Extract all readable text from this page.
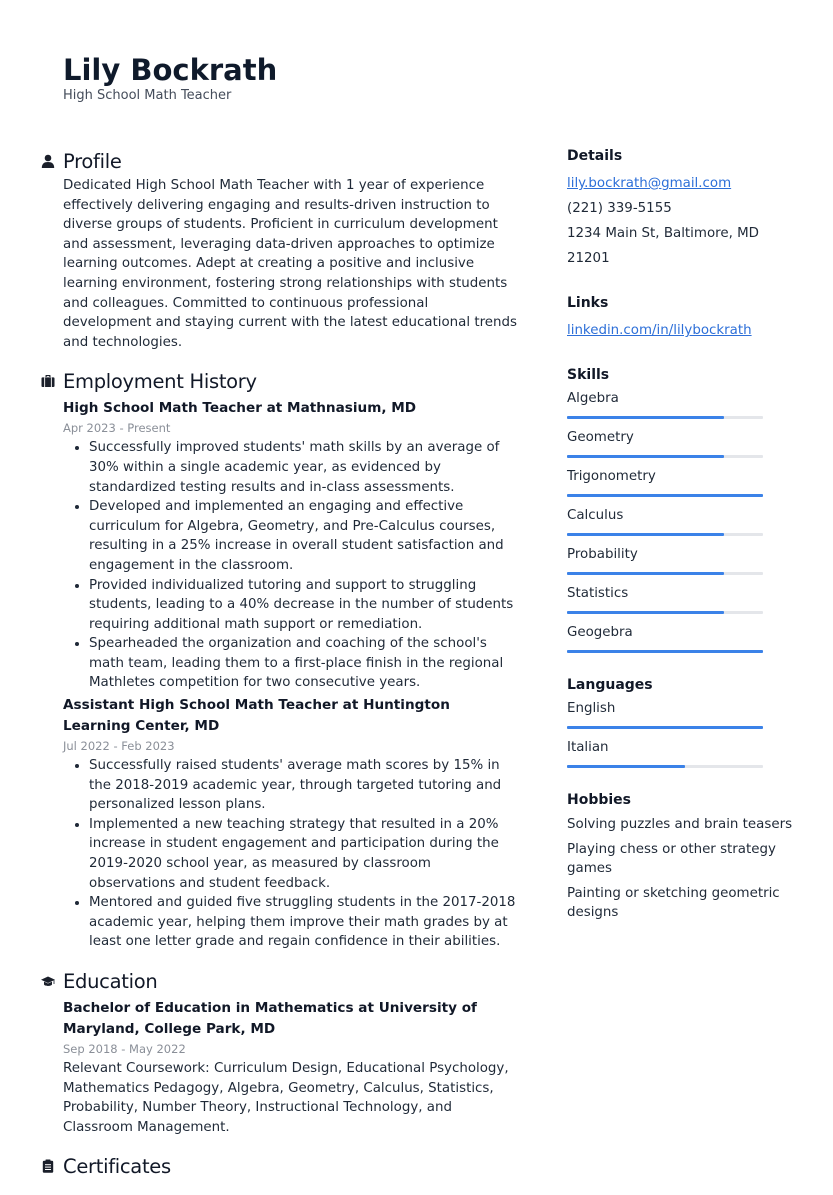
Lily Bockrath

High School Math Teacher

Profile

Dedicated High School Math Teacher with 1 year of experience effectively delivering engaging and results-driven instruction to diverse groups of students. Proficient in curriculum development and assessment, leveraging data-driven approaches to optimize learning outcomes. Adept at creating a positive and inclusive learning environment, fostering strong relationships with students and colleagues. Committed to continuous professional development and staying current with the latest educational trends and technologies.

Employment History
High School Math Teacher at Mathnasium, MD
Apr 2023 - Present
• Successfully improved students' math skills by an average of 30% within a single academic year, as evidenced by standardized testing results and in-class assessments.
• Developed and implemented an engaging and effective curriculum for Algebra, Geometry, and Pre-Calculus courses, resulting in a 25% increase in overall student satisfaction and engagement in the classroom.
• Provided individualized tutoring and support to struggling students, leading to a 40% decrease in the number of students requiring additional math support or remediation.
• Spearheaded the organization and coaching of the school's math team, leading them to a first-place finish in the regional Mathletes competition for two consecutive years.
Assistant High School Math Teacher at Huntington Learning Center, MD
Jul 2022 - Feb 2023
• Successfully raised students' average math scores by 15% in the 2018-2019 academic year, through targeted tutoring and personalized lesson plans.
• Implemented a new teaching strategy that resulted in a 20% increase in student engagement and participation during the 2019-2020 school year, as measured by classroom observations and student feedback.
• Mentored and guided five struggling students in the 2017-2018 academic year, helping them improve their math grades by at least one letter grade and regain confidence in their abilities.
Education
Bachelor of Education in Mathematics at University of Maryland, College Park, MD
Sep 2018 - May 2022

Relevant Coursework: Curriculum Design, Educational Psychology, Mathematics Pedagogy, Algebra, Geometry, Calculus, Statistics, Probability, Number Theory, Instructional Technology, and Classroom Management.

Certificates
Details
lily.bockrath@gmail.com
(221) 339-5155
1234 Main St, Baltimore, MD 21201
Links
linkedin.com/in/lilybockrath
Skills
Algebra
Geometry
Trigonometry
Calculus
Probability
Statistics
Geogebra
Languages
English
Italian
Hobbies
Solving puzzles and brain teasers
Playing chess or other strategy games
Painting or sketching geometric designs
